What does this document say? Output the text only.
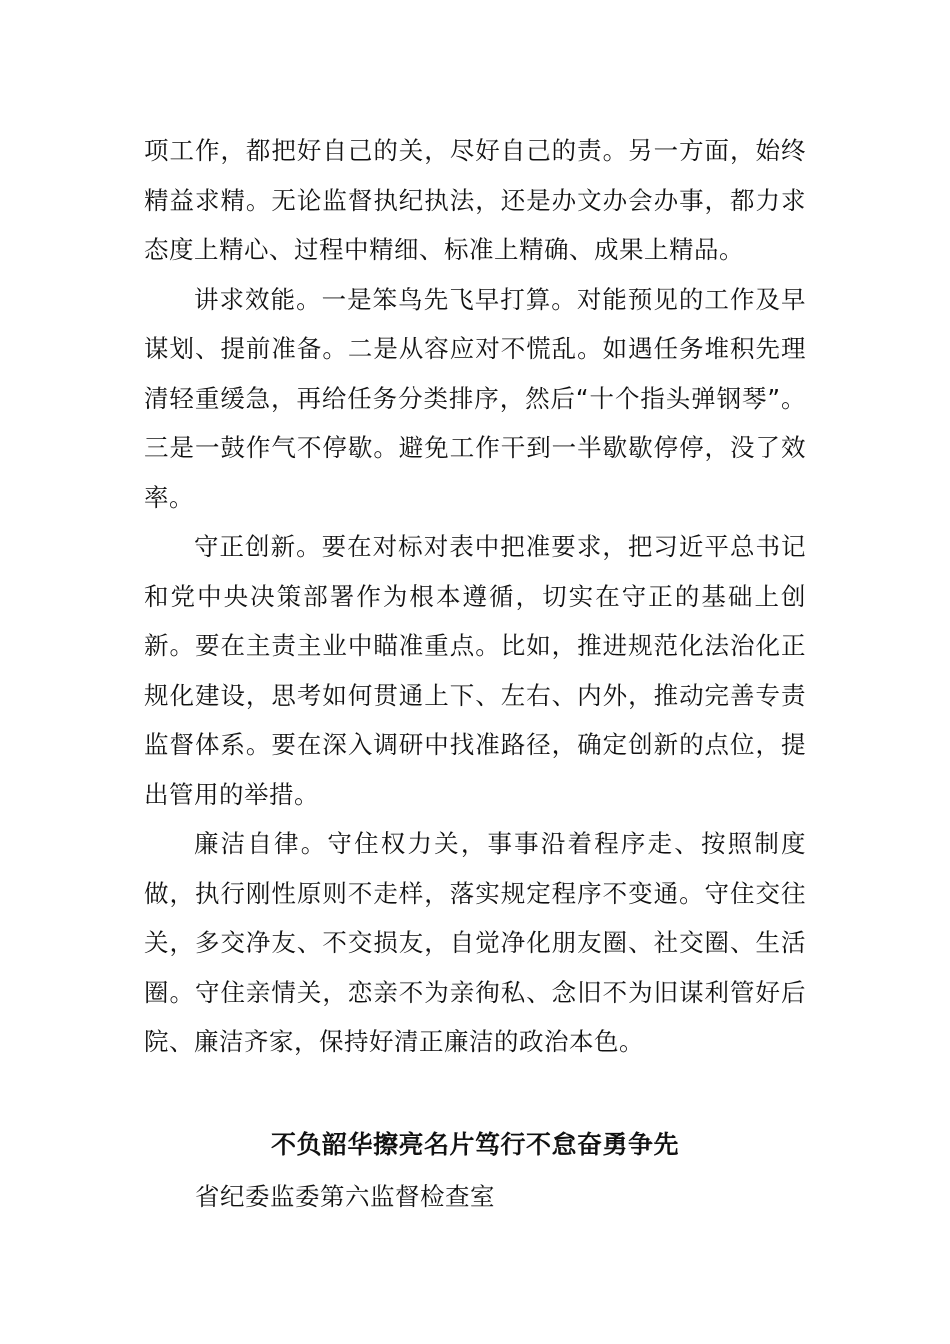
项工作，都把好自己的关，尽好自己的责。另一方面，始终精益求精。无论监督执纪执法，还是办文办会办事，都力求态度上精心、过程中精细、标准上精确、成果上精品。

讲求效能。一是笨鸟先飞早打算。对能预见的工作及早谋划、提前准备。二是从容应对不慌乱。如遇任务堆积先理清轻重缓急，再给任务分类排序，然后“十个指头弹钢琴”。三是一鼓作气不停歇。避免工作干到一半歇歇停停，没了效率。

守正创新。要在对标对表中把准要求，把习近平总书记和党中央决策部署作为根本遵循，切实在守正的基础上创新。要在主责主业中瞄准重点。比如，推进规范化法治化正规化建设，思考如何贯通上下、左右、内外，推动完善专责监督体系。要在深入调研中找准路径，确定创新的点位，提出管用的举措。

廉洁自律。守住权力关，事事沿着程序走、按照制度做，执行刚性原则不走样，落实规定程序不变通。守住交往关，多交净友、不交损友，自觉净化朋友圈、社交圈、生活圈。守住亲情关，恋亲不为亲徇私、念旧不为旧谋利管好后院、廉洁齐家，保持好清正廉洁的政治本色。

不负韶华擦亮名片笃行不怠奋勇争先

省纪委监委第六监督检查室
